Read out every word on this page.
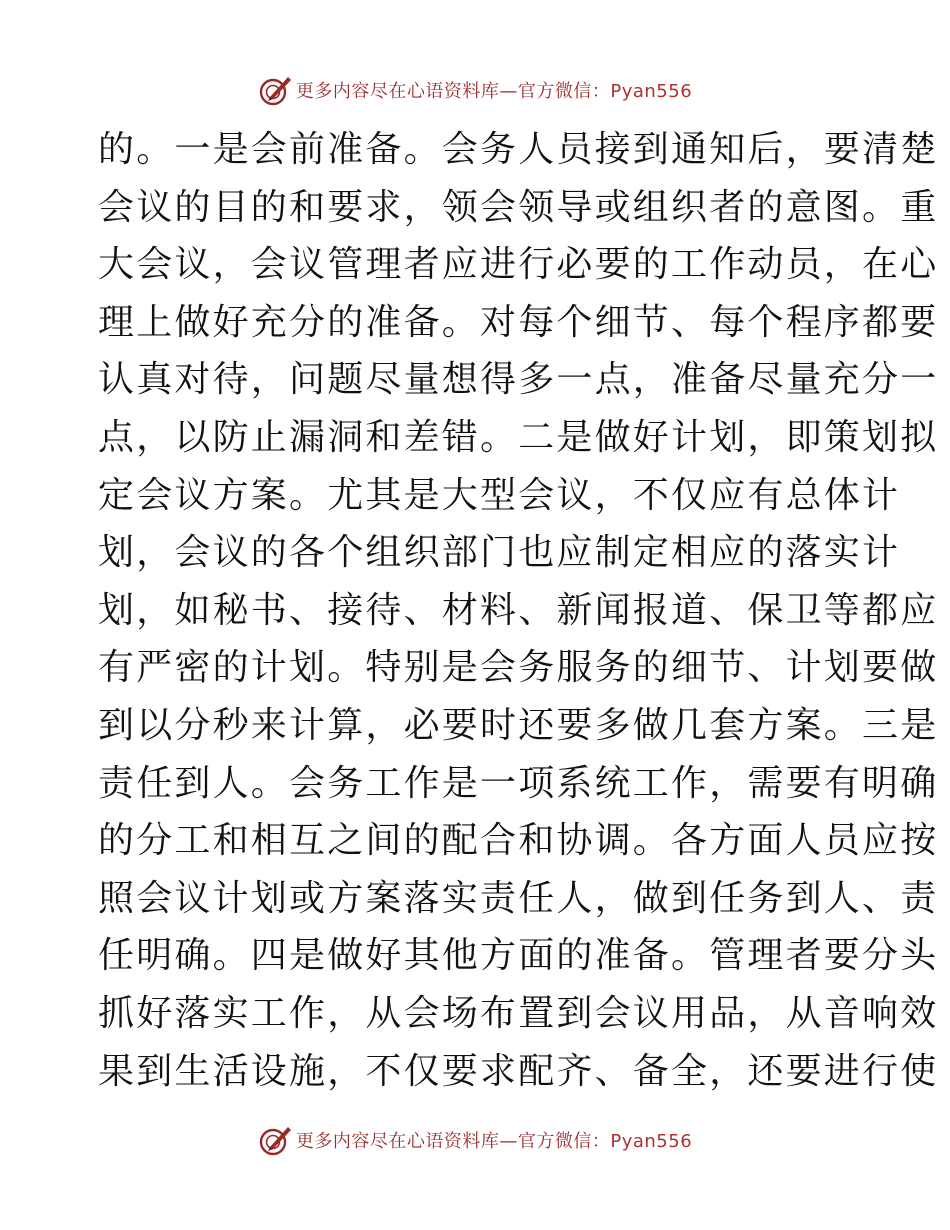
更多内容尽在心语资料库—官方微信：Pyan556
的。一是会前准备。会务人员接到通知后，要清楚
会议的目的和要求，领会领导或组织者的意图。重
大会议，会议管理者应进行必要的工作动员，在心
理上做好充分的准备。对每个细节、每个程序都要
认真对待，问题尽量想得多一点，准备尽量充分一
点，以防止漏洞和差错。二是做好计划，即策划拟
定会议方案。尤其是大型会议，不仅应有总体计
划，会议的各个组织部门也应制定相应的落实计
划，如秘书、接待、材料、新闻报道、保卫等都应
有严密的计划。特别是会务服务的细节、计划要做
到以分秒来计算，必要时还要多做几套方案。三是
责任到人。会务工作是一项系统工作，需要有明确
的分工和相互之间的配合和协调。各方面人员应按
照会议计划或方案落实责任人，做到任务到人、责
任明确。四是做好其他方面的准备。管理者要分头
抓好落实工作，从会场布置到会议用品，从音响效
果到生活设施，不仅要求配齐、备全，还要进行使
更多内容尽在心语资料库—官方微信：Pyan556
